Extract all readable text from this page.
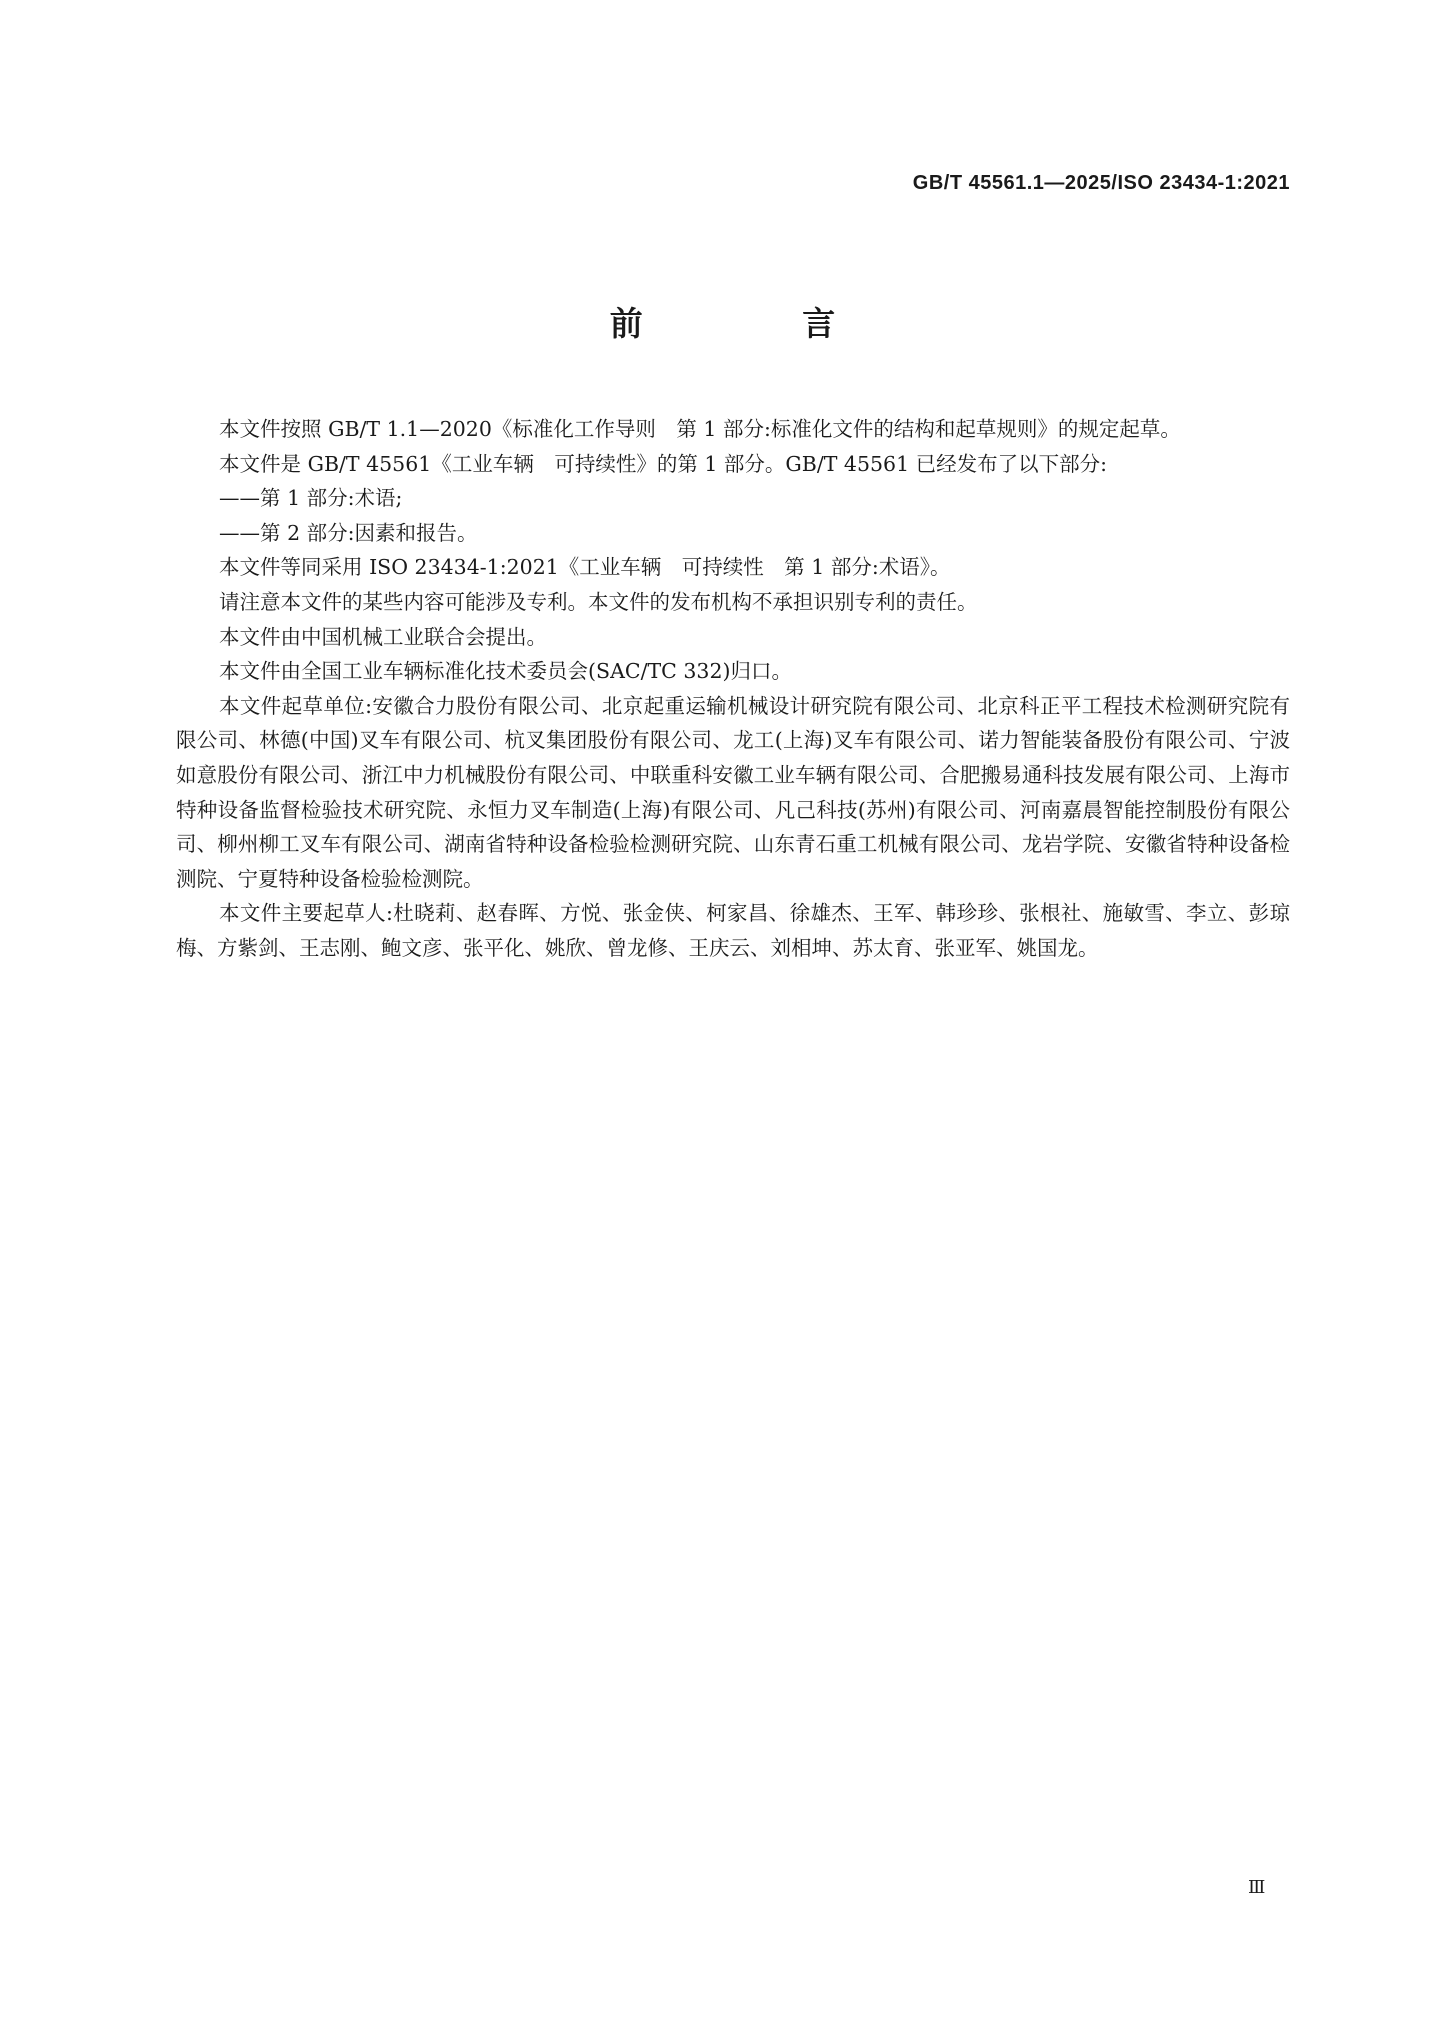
GB/T 45561.1—2025/ISO 23434-1:2021
前 言

本文件按照 GB/T 1.1—2020《标准化工作导则　第 1 部分:标准化文件的结构和起草规则》的规定起草。

本文件是 GB/T 45561《工业车辆　可持续性》的第 1 部分。GB/T 45561 已经发布了以下部分:

——第 1 部分:术语;

——第 2 部分:因素和报告。

本文件等同采用 ISO 23434-1:2021《工业车辆　可持续性　第 1 部分:术语》。

请注意本文件的某些内容可能涉及专利。本文件的发布机构不承担识别专利的责任。

本文件由中国机械工业联合会提出。

本文件由全国工业车辆标准化技术委员会(SAC/TC 332)归口。

本文件起草单位:安徽合力股份有限公司、北京起重运输机械设计研究院有限公司、北京科正平工程技术检测研究院有限公司、林德(中国)叉车有限公司、杭叉集团股份有限公司、龙工(上海)叉车有限公司、诺力智能装备股份有限公司、宁波如意股份有限公司、浙江中力机械股份有限公司、中联重科安徽工业车辆有限公司、合肥搬易通科技发展有限公司、上海市特种设备监督检验技术研究院、永恒力叉车制造(上海)有限公司、凡己科技(苏州)有限公司、河南嘉晨智能控制股份有限公司、柳州柳工叉车有限公司、湖南省特种设备检验检测研究院、山东青石重工机械有限公司、龙岩学院、安徽省特种设备检测院、宁夏特种设备检验检测院。

本文件主要起草人:杜晓莉、赵春晖、方悦、张金侠、柯家昌、徐雄杰、王军、韩珍珍、张根社、施敏雪、李立、彭琼梅、方紫剑、王志刚、鲍文彦、张平化、姚欣、曾龙修、王庆云、刘相坤、苏太育、张亚军、姚国龙。

Ⅲ
